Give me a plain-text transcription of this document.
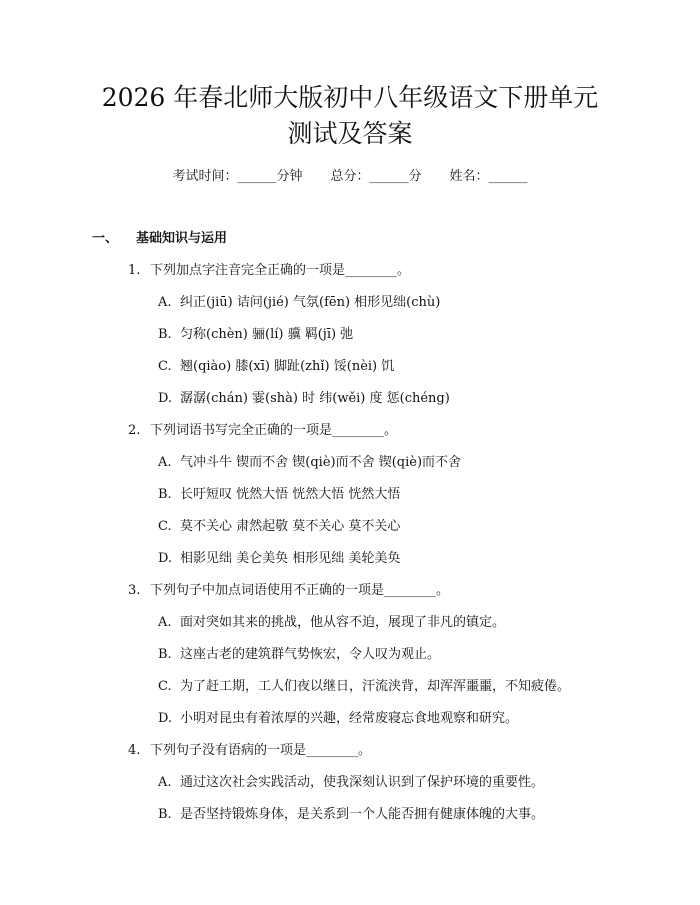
2026 年春北师大版初中八年级语文下册单元
测试及答案
考试时间：______分钟 总分：______分 姓名：______
一、 基础知识与运用
1. 下列加点字注音完全正确的一项是________。
A. 纠正(jiū) 诘问(jié) 气氛(fēn) 相形见绌(chù)
B. 匀称(chèn) 骊(lí) 骥 羁(jī) 弛
C. 翘(qiào) 膝(xī) 脚趾(zhǐ) 馁(nèi) 饥
D. 潺潺(chán) 霎(shà) 时 纬(wěi) 度 惩(chéng)
2. 下列词语书写完全正确的一项是________。
A. 气冲斗牛 锲而不舍 锲(qiè)而不舍 锲(qiè)而不舍
B. 长吁短叹 恍然大悟 恍然大悟 恍然大悟
C. 莫不关心 肃然起敬 莫不关心 莫不关心
D. 相影见绌 美仑美奂 相形见绌 美轮美奂
3. 下列句子中加点词语使用不正确的一项是________。
A. 面对突如其来的挑战，他从容不迫，展现了非凡的镇定。
B. 这座古老的建筑群气势恢宏，令人叹为观止。
C. 为了赶工期，工人们夜以继日，汗流浃背，却浑浑噩噩，不知疲倦。
D. 小明对昆虫有着浓厚的兴趣，经常废寝忘食地观察和研究。
4. 下列句子没有语病的一项是________。
A. 通过这次社会实践活动，使我深刻认识到了保护环境的重要性。
B. 是否坚持锻炼身体，是关系到一个人能否拥有健康体魄的大事。
